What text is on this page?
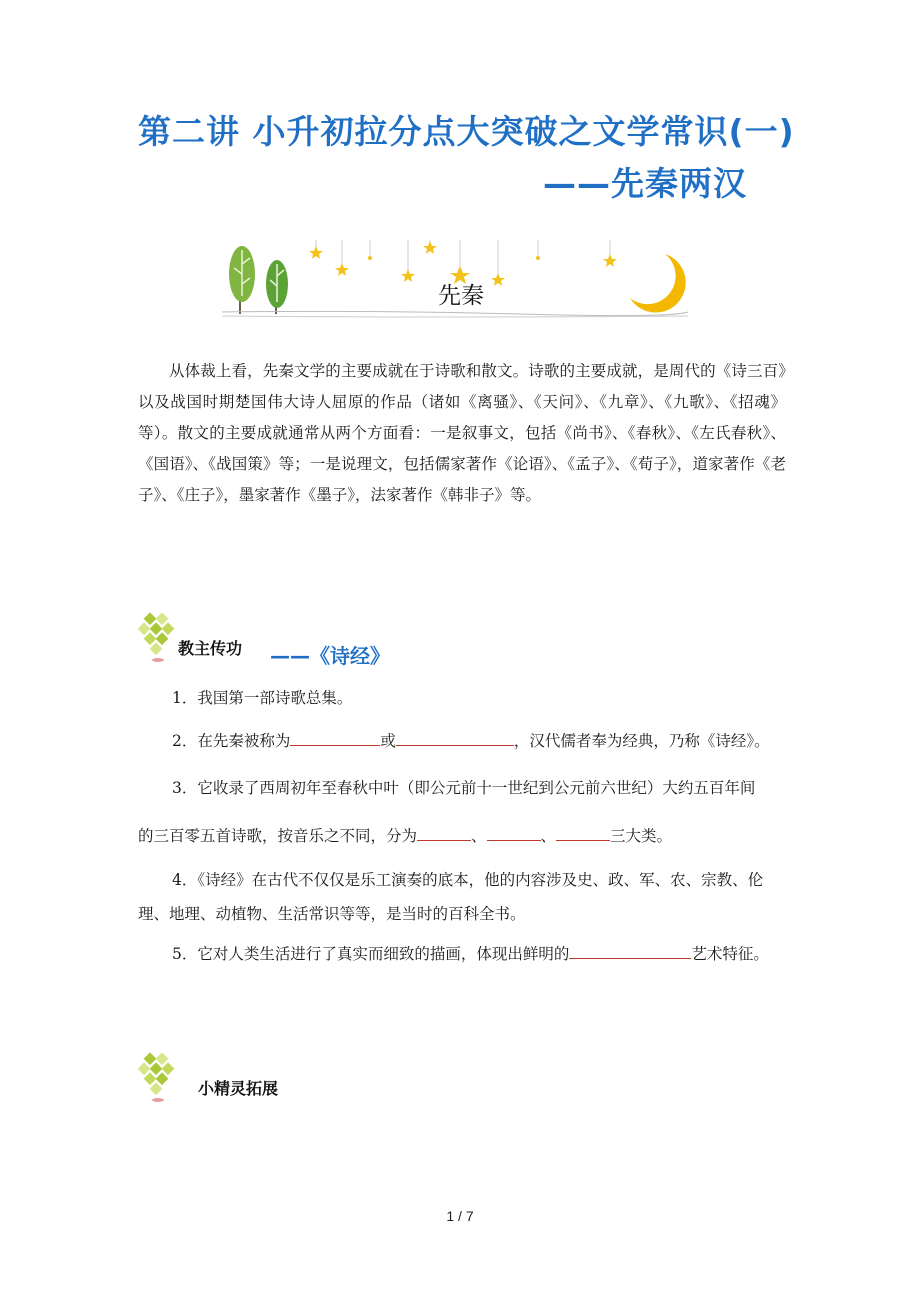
第二讲 小升初拉分点大突破之文学常识(一)
——先秦两汉
先秦

从体裁上看，先秦文学的主要成就在于诗歌和散文。诗歌的主要成就，是周代的《诗三百》以及战国时期楚国伟大诗人屈原的作品（诸如《离骚》、《天问》、《九章》、《九歌》、《招魂》等）。散文的主要成就通常从两个方面看：一是叙事文，包括《尚书》、《春秋》、《左氏春秋》、《国语》、《战国策》等；一是说理文，包括儒家著作《论语》、《孟子》、《荀子》，道家著作《老子》、《庄子》，墨家著作《墨子》，法家著作《韩非子》等。

教主传功 ——《诗经》

1．我国第一部诗歌总集。

2．在先秦被称为	或	，汉代儒者奉为经典，乃称《诗经》。

3．它收录了西周初年至春秋中叶（即公元前十一世纪到公元前六世纪）大约五百年间

的三百零五首诗歌，按音乐之不同，分为	、	、	三大类。

4．《诗经》在古代不仅仅是乐工演奏的底本，他的内容涉及史、政、军、农、宗教、伦

理、地理、动植物、生活常识等等，是当时的百科全书。

5．它对人类生活进行了真实而细致的描画，体现出鲜明的	艺术特征。

小精灵拓展
1 / 7
